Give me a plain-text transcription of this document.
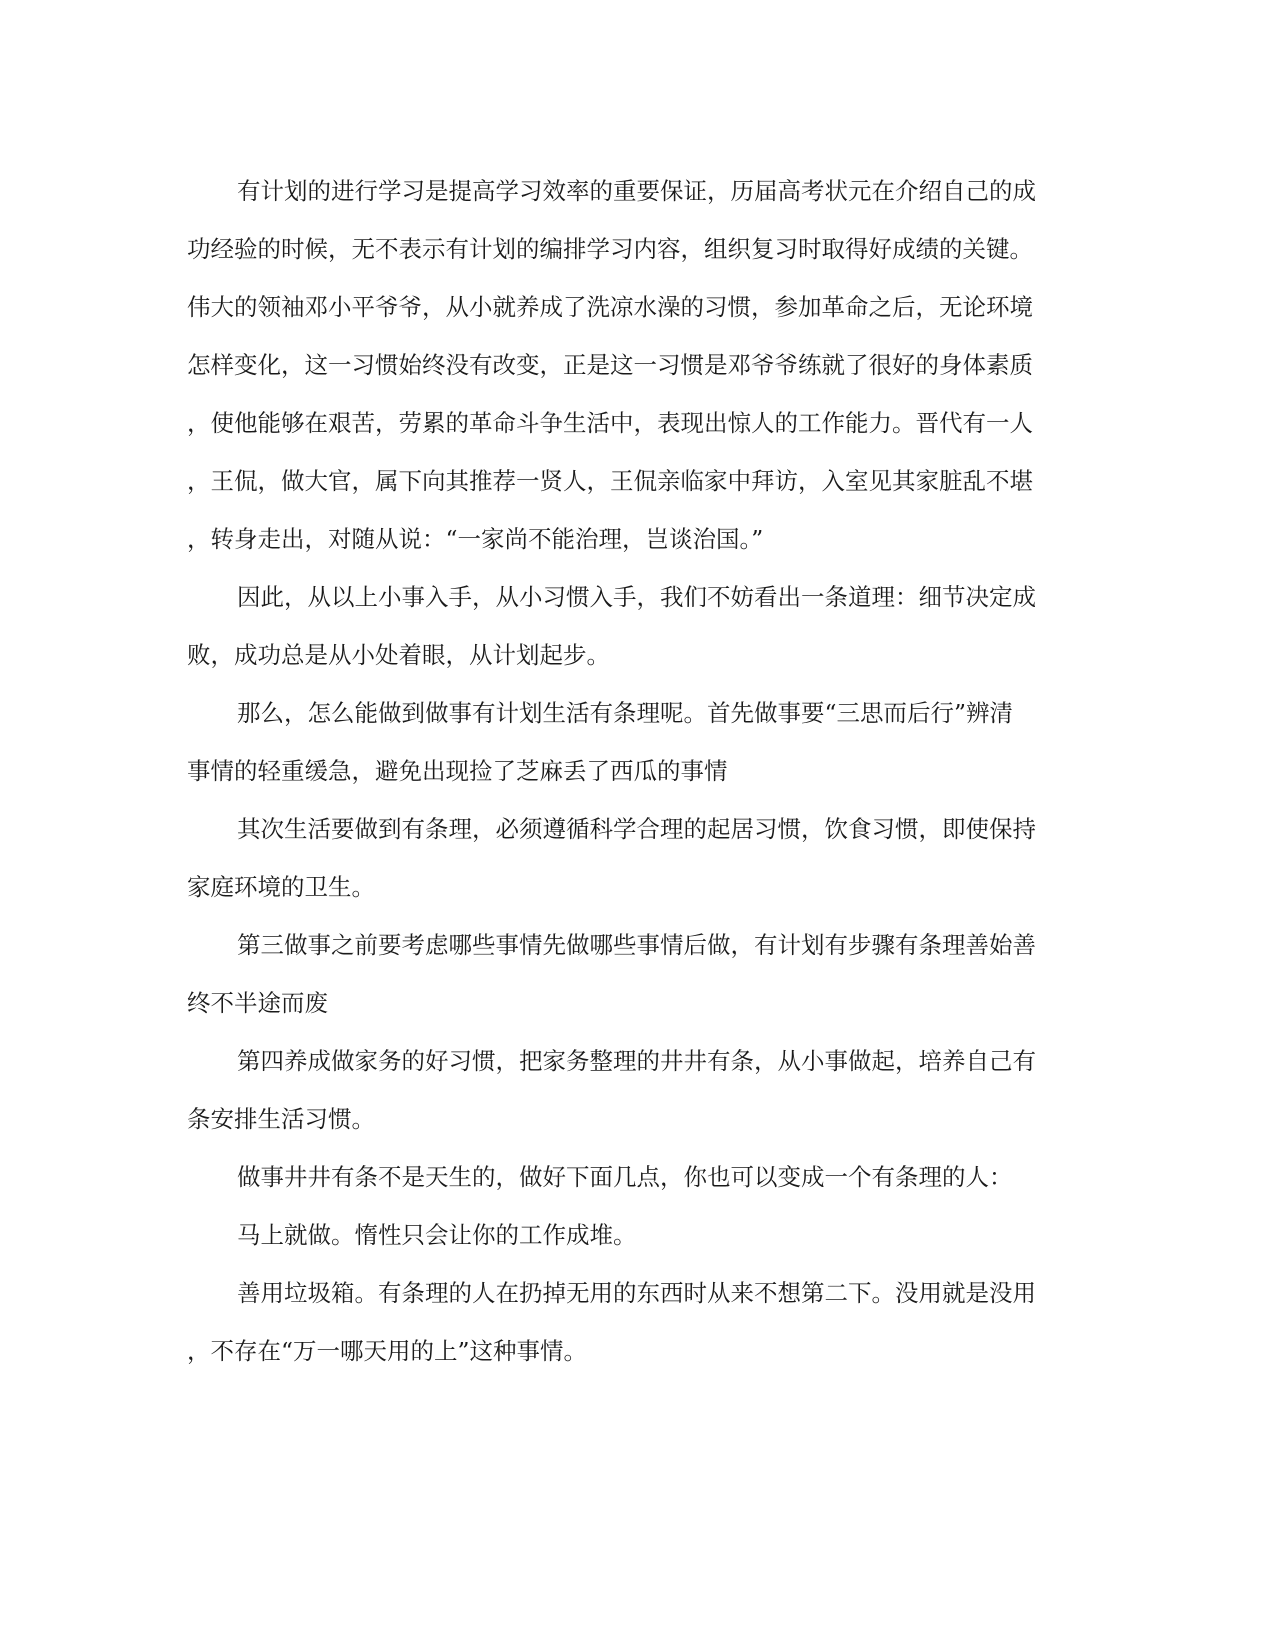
有计划的进行学习是提高学习效率的重要保证，历届高考状元在介绍自己的成
功经验的时候，无不表示有计划的编排学习内容，组织复习时取得好成绩的关键。
伟大的领袖邓小平爷爷，从小就养成了洗凉水澡的习惯，参加革命之后，无论环境
怎样变化，这一习惯始终没有改变，正是这一习惯是邓爷爷练就了很好的身体素质
，使他能够在艰苦，劳累的革命斗争生活中，表现出惊人的工作能力。晋代有一人
，王侃，做大官，属下向其推荐一贤人，王侃亲临家中拜访，入室见其家脏乱不堪
，转身走出，对随从说：“一家尚不能治理，岂谈治国。”

因此，从以上小事入手，从小习惯入手，我们不妨看出一条道理：细节决定成
败，成功总是从小处着眼，从计划起步。

那么，怎么能做到做事有计划生活有条理呢。首先做事要“三思而后行”辨清
事情的轻重缓急，避免出现捡了芝麻丢了西瓜的事情

其次生活要做到有条理，必须遵循科学合理的起居习惯，饮食习惯，即使保持
家庭环境的卫生。

第三做事之前要考虑哪些事情先做哪些事情后做，有计划有步骤有条理善始善
终不半途而废

第四养成做家务的好习惯，把家务整理的井井有条，从小事做起，培养自己有
条安排生活习惯。

做事井井有条不是天生的，做好下面几点，你也可以变成一个有条理的人：

马上就做。惰性只会让你的工作成堆。

善用垃圾箱。有条理的人在扔掉无用的东西时从来不想第二下。没用就是没用
，不存在“万一哪天用的上”这种事情。
